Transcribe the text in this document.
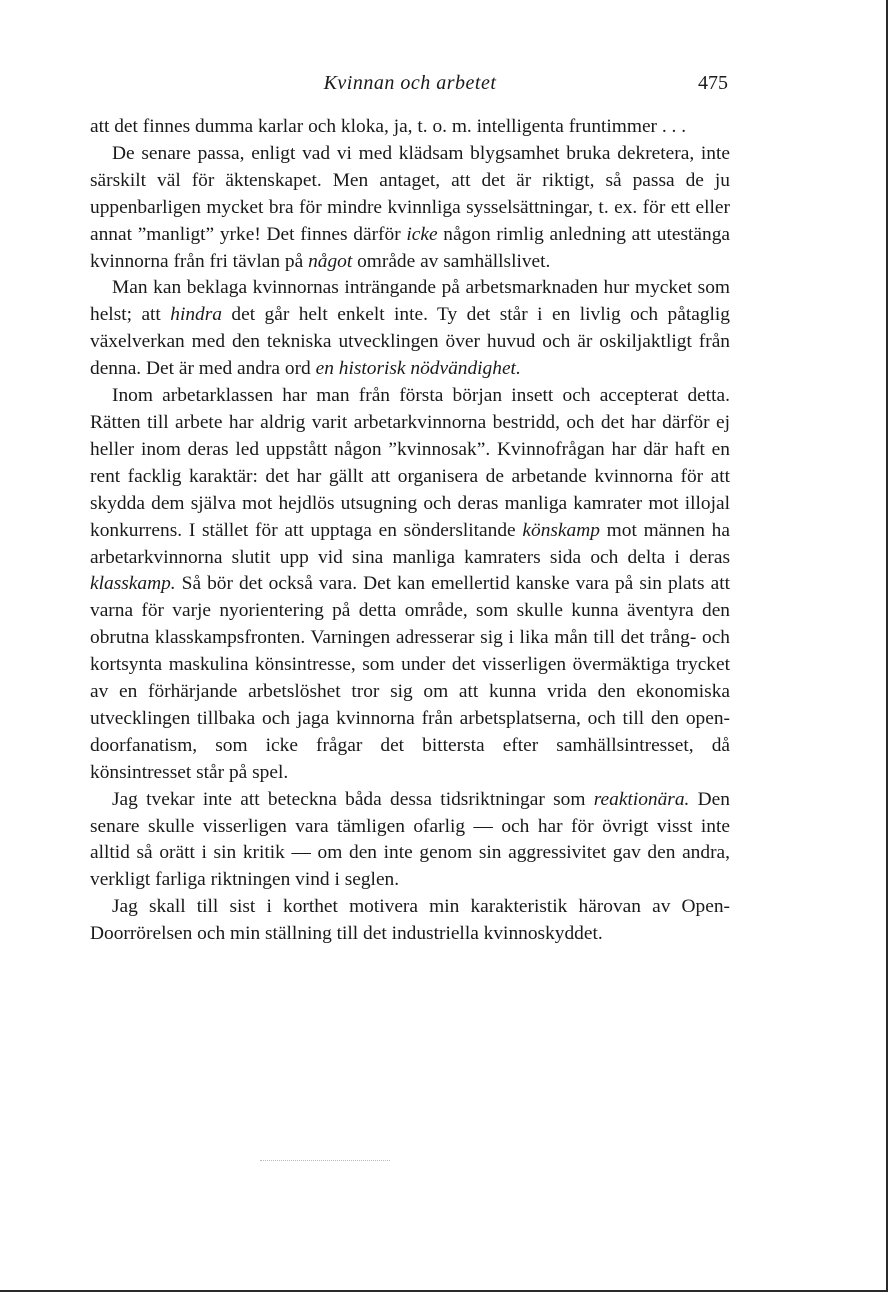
Kvinnan och arbetet	475

att det finnes dumma karlar och kloka, ja, t. o. m. intelligenta fruntimmer . . .

De senare passa, enligt vad vi med klädsam blygsamhet bruka dekretera, inte särskilt väl för äktenskapet. Men antaget, att det är riktigt, så passa de ju uppenbarligen mycket bra för mindre kvinnliga sysselsättningar, t. ex. för ett eller annat ”manligt” yrke! Det finnes därför icke någon rimlig anledning att utestänga kvinnorna från fri tävlan på något område av samhällslivet.

Man kan beklaga kvinnornas inträngande på arbetsmarknaden hur mycket som helst; att hindra det går helt enkelt inte. Ty det står i en livlig och påtaglig växelverkan med den tekniska utvecklingen över huvud och är oskiljaktligt från denna. Det är med andra ord en historisk nödvändighet.

Inom arbetarklassen har man från första början insett och accepterat detta. Rätten till arbete har aldrig varit arbetarkvinnorna bestridd, och det har därför ej heller inom deras led uppstått någon ”kvinnosak”. Kvinnofrågan har där haft en rent facklig karaktär: det har gällt att organisera de arbetande kvinnorna för att skydda dem själva mot hejdlös utsugning och deras manliga kamrater mot illojal konkurrens. I stället för att upptaga en sönderslitande könskamp mot männen ha arbetarkvinnorna slutit upp vid sina manliga kamraters sida och delta i deras klasskamp. Så bör det också vara. Det kan emellertid kanske vara på sin plats att varna för varje nyorientering på detta område, som skulle kunna äventyra den obrutna klasskampsfronten. Varningen adresserar sig i lika mån till det trång- och kortsynta maskulina könsintresse, som under det visserligen övermäktiga trycket av en förhärjande arbetslöshet tror sig om att kunna vrida den ekonomiska utvecklingen tillbaka och jaga kvinnorna från arbetsplatserna, och till den open-doorfanatism, som icke frågar det bittersta efter samhällsintresset, då könsintresset står på spel.

Jag tvekar inte att beteckna båda dessa tidsriktningar som reaktionära. Den senare skulle visserligen vara tämligen ofarlig — och har för övrigt visst inte alltid så orätt i sin kritik — om den inte genom sin aggressivitet gav den andra, verkligt farliga riktningen vind i seglen.

Jag skall till sist i korthet motivera min karakteristik härovan av Open-Doorrörelsen och min ställning till det industriella kvinnoskyddet.
